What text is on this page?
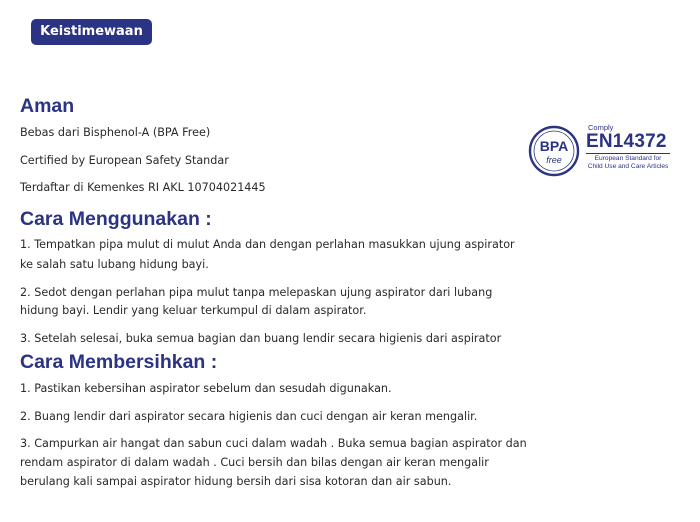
Keistimewaan
Aman

Bebas dari Bisphenol-A (BPA Free)

Certified by European Safety Standar

Terdaftar di Kemenkes RI AKL 10704021445

BPA
free
Comply
EN14372
European Standard for
Child Use and Care Articles
Cara Menggunakan :

1. Tempatkan pipa mulut di mulut Anda dan dengan perlahan masukkan ujung aspirator

ke salah satu lubang hidung bayi.

2. Sedot dengan perlahan pipa mulut tanpa melepaskan ujung aspirator dari lubang

hidung bayi. Lendir yang keluar terkumpul di dalam aspirator.

3. Setelah selesai, buka semua bagian dan buang lendir secara higienis dari aspirator

Cara Membersihkan :

1. Pastikan kebersihan aspirator sebelum dan sesudah digunakan.

2. Buang lendir dari aspirator secara higienis dan cuci dengan air keran mengalir.

3. Campurkan air hangat dan sabun cuci dalam wadah . Buka semua bagian aspirator dan

rendam aspirator di dalam wadah . Cuci bersih dan bilas dengan air keran mengalir

berulang kali sampai aspirator hidung bersih dari sisa kotoran dan air sabun.
